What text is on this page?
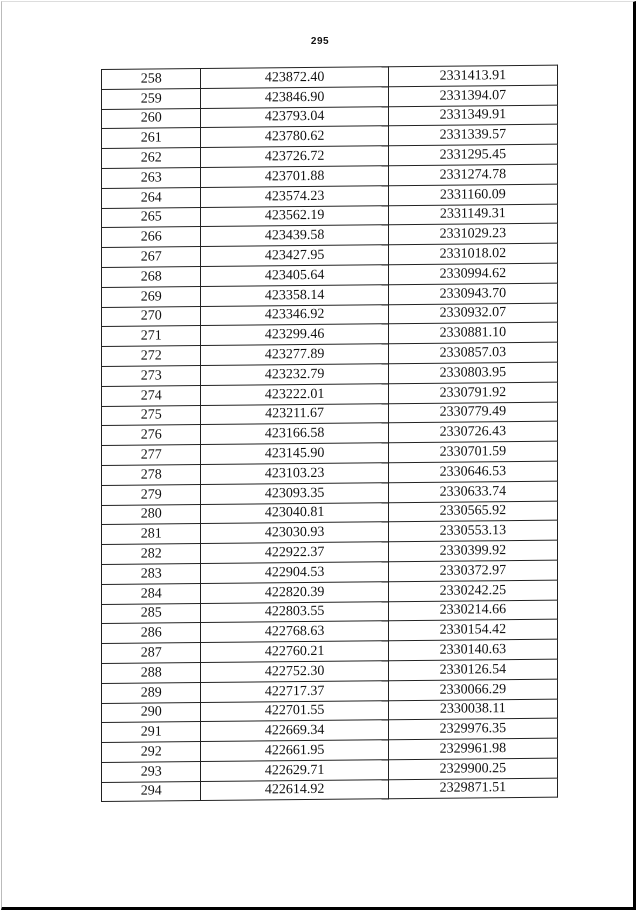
295
258	423872.40	2331413.91
259	423846.90	2331394.07
260	423793.04	2331349.91
261	423780.62	2331339.57
262	423726.72	2331295.45
263	423701.88	2331274.78
264	423574.23	2331160.09
265	423562.19	2331149.31
266	423439.58	2331029.23
267	423427.95	2331018.02
268	423405.64	2330994.62
269	423358.14	2330943.70
270	423346.92	2330932.07
271	423299.46	2330881.10
272	423277.89	2330857.03
273	423232.79	2330803.95
274	423222.01	2330791.92
275	423211.67	2330779.49
276	423166.58	2330726.43
277	423145.90	2330701.59
278	423103.23	2330646.53
279	423093.35	2330633.74
280	423040.81	2330565.92
281	423030.93	2330553.13
282	422922.37	2330399.92
283	422904.53	2330372.97
284	422820.39	2330242.25
285	422803.55	2330214.66
286	422768.63	2330154.42
287	422760.21	2330140.63
288	422752.30	2330126.54
289	422717.37	2330066.29
290	422701.55	2330038.11
291	422669.34	2329976.35
292	422661.95	2329961.98
293	422629.71	2329900.25
294	422614.92	2329871.51
